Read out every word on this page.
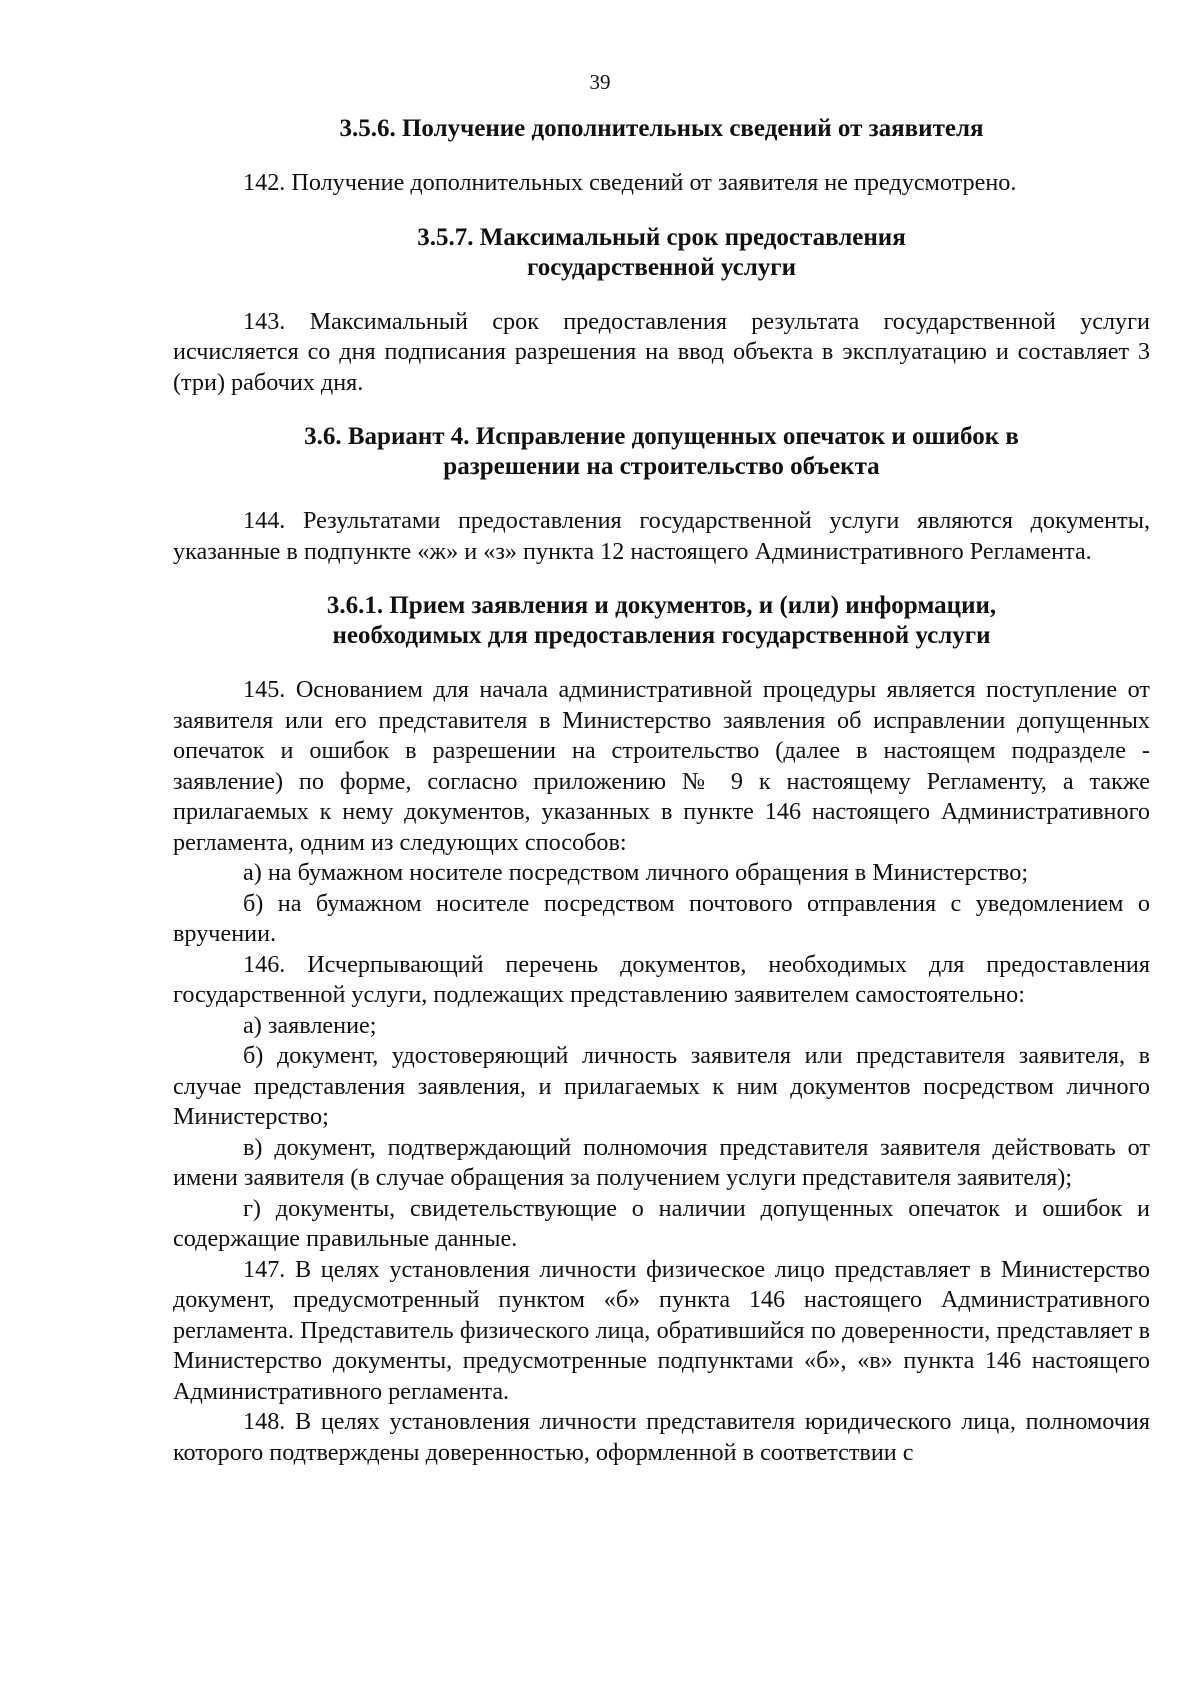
39
3.5.6. Получение дополнительных сведений от заявителя
142. Получение дополнительных сведений от заявителя не предусмотрено.
3.5.7. Максимальный срок предоставления государственной услуги
143. Максимальный срок предоставления результата государственной услуги исчисляется со дня подписания разрешения на ввод объекта в эксплуатацию и составляет 3 (три) рабочих дня.
3.6. Вариант 4. Исправление допущенных опечаток и ошибок в разрешении на строительство объекта
144. Результатами предоставления государственной услуги являются документы, указанные в подпункте «ж» и «з» пункта 12 настоящего Административного Регламента.
3.6.1. Прием заявления и документов, и (или) информации, необходимых для предоставления государственной услуги
145. Основанием для начала административной процедуры является поступление от заявителя или его представителя в Министерство заявления об исправлении допущенных опечаток и ошибок в разрешении на строительство (далее в настоящем подразделе - заявление) по форме, согласно приложению № 9 к настоящему Регламенту, а также прилагаемых к нему документов, указанных в пункте 146 настоящего Административного регламента, одним из следующих способов:
а) на бумажном носителе посредством личного обращения в Министерство;
б) на бумажном носителе посредством почтового отправления с уведомлением о вручении.
146. Исчерпывающий перечень документов, необходимых для предоставления государственной услуги, подлежащих представлению заявителем самостоятельно:
а) заявление;
б) документ, удостоверяющий личность заявителя или представителя заявителя, в случае представления заявления, и прилагаемых к ним документов посредством личного Министерство;
в) документ, подтверждающий полномочия представителя заявителя действовать от имени заявителя (в случае обращения за получением услуги представителя заявителя);
г) документы, свидетельствующие о наличии допущенных опечаток и ошибок и содержащие правильные данные.
147. В целях установления личности физическое лицо представляет в Министерство документ, предусмотренный пунктом «б» пункта 146 настоящего Административного регламента. Представитель физического лица, обратившийся по доверенности, представляет в Министерство документы, предусмотренные подпунктами «б», «в» пункта 146 настоящего Административного регламента.
148. В целях установления личности представителя юридического лица, полномочия которого подтверждены доверенностью, оформленной в соответствии с
